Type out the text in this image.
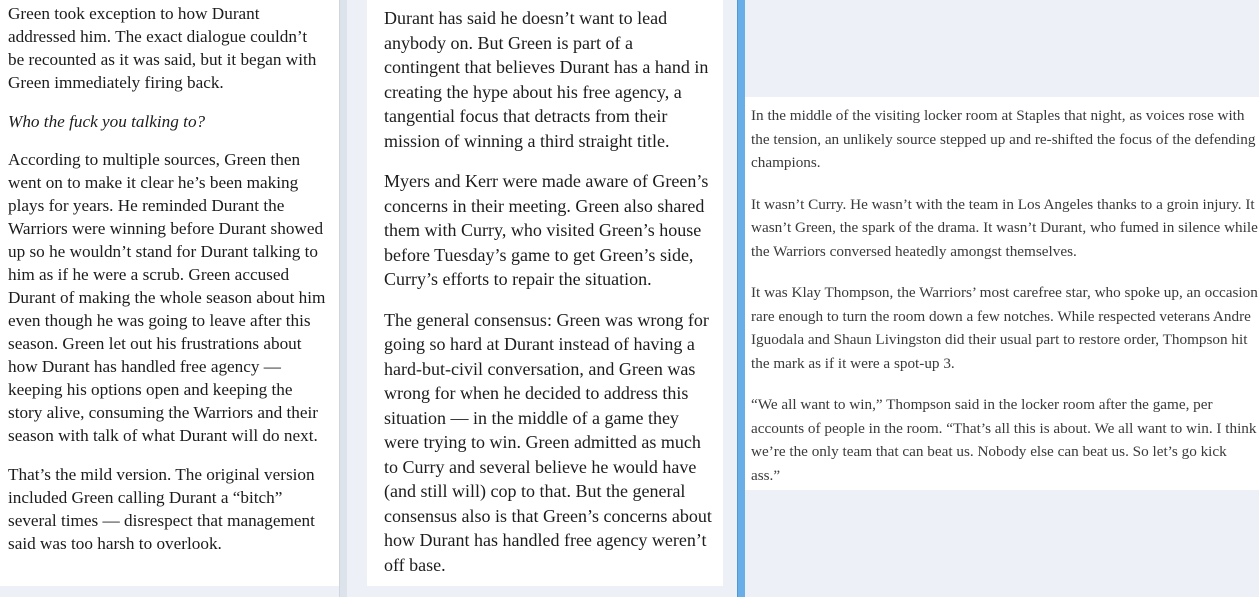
Green took exception to how Durant addressed him. The exact dialogue couldn’t be recounted as it was said, but it began with Green immediately firing back.

Who the fuck you talking to?

According to multiple sources, Green then went on to make it clear he’s been making plays for years. He reminded Durant the Warriors were winning before Durant showed up so he wouldn’t stand for Durant talking to him as if he were a scrub. Green accused Durant of making the whole season about him even though he was going to leave after this season. Green let out his frustrations about how Durant has handled free agency — keeping his options open and keeping the story alive, consuming the Warriors and their season with talk of what Durant will do next.

That’s the mild version. The original version included Green calling Durant a “bitch” several times — disrespect that management said was too harsh to overlook.

Durant has said he doesn’t want to lead anybody on. But Green is part of a contingent that believes Durant has a hand in creating the hype about his free agency, a tangential focus that detracts from their mission of winning a third straight title.

Myers and Kerr were made aware of Green’s concerns in their meeting. Green also shared them with Curry, who visited Green’s house before Tuesday’s game to get Green’s side, Curry’s efforts to repair the situation.

The general consensus: Green was wrong for going so hard at Durant instead of having a hard-but-civil conversation, and Green was wrong for when he decided to address this situation — in the middle of a game they were trying to win. Green admitted as much to Curry and several believe he would have (and still will) cop to that. But the general consensus also is that Green’s concerns about how Durant has handled free agency weren’t off base.

In the middle of the visiting locker room at Staples that night, as voices rose with the tension, an unlikely source stepped up and re-shifted the focus of the defending champions.

It wasn’t Curry. He wasn’t with the team in Los Angeles thanks to a groin injury. It wasn’t Green, the spark of the drama. It wasn’t Durant, who fumed in silence while the Warriors conversed heatedly amongst themselves.

It was Klay Thompson, the Warriors’ most carefree star, who spoke up, an occasion rare enough to turn the room down a few notches. While respected veterans Andre Iguodala and Shaun Livingston did their usual part to restore order, Thompson hit the mark as if it were a spot-up 3.

“We all want to win,” Thompson said in the locker room after the game, per accounts of people in the room. “That’s all this is about. We all want to win. I think we’re the only team that can beat us. Nobody else can beat us. So let’s go kick ass.”
